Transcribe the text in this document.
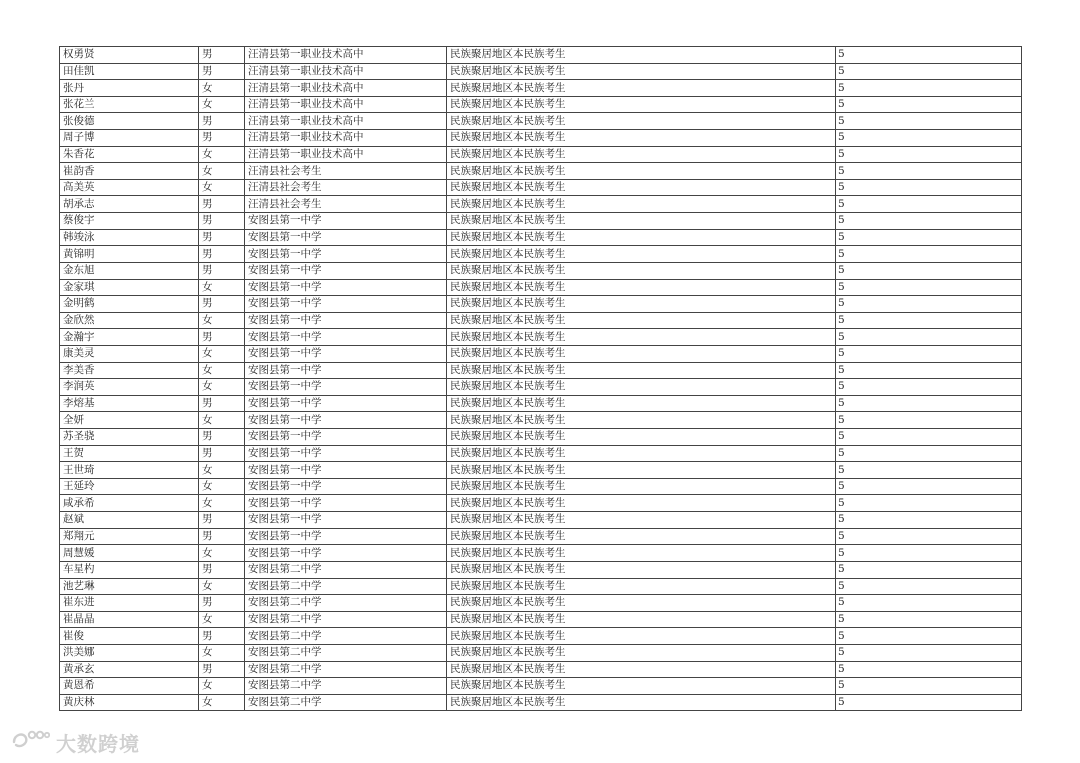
权勇贤	男	汪清县第一职业技术高中	民族聚居地区本民族考生	5
田佳凯	男	汪清县第一职业技术高中	民族聚居地区本民族考生	5
张丹	女	汪清县第一职业技术高中	民族聚居地区本民族考生	5
张花兰	女	汪清县第一职业技术高中	民族聚居地区本民族考生	5
张俊德	男	汪清县第一职业技术高中	民族聚居地区本民族考生	5
周子博	男	汪清县第一职业技术高中	民族聚居地区本民族考生	5
朱香花	女	汪清县第一职业技术高中	民族聚居地区本民族考生	5
崔韵香	女	汪清县社会考生	民族聚居地区本民族考生	5
高美英	女	汪清县社会考生	民族聚居地区本民族考生	5
胡承志	男	汪清县社会考生	民族聚居地区本民族考生	5
蔡俊宇	男	安图县第一中学	民族聚居地区本民族考生	5
韩竣泳	男	安图县第一中学	民族聚居地区本民族考生	5
黄锦明	男	安图县第一中学	民族聚居地区本民族考生	5
金东旭	男	安图县第一中学	民族聚居地区本民族考生	5
金家琪	女	安图县第一中学	民族聚居地区本民族考生	5
金明鹤	男	安图县第一中学	民族聚居地区本民族考生	5
金欣然	女	安图县第一中学	民族聚居地区本民族考生	5
金瀚宇	男	安图县第一中学	民族聚居地区本民族考生	5
康美灵	女	安图县第一中学	民族聚居地区本民族考生	5
李美香	女	安图县第一中学	民族聚居地区本民族考生	5
李润英	女	安图县第一中学	民族聚居地区本民族考生	5
李熔基	男	安图县第一中学	民族聚居地区本民族考生	5
全妍	女	安图县第一中学	民族聚居地区本民族考生	5
苏圣骁	男	安图县第一中学	民族聚居地区本民族考生	5
王贺	男	安图县第一中学	民族聚居地区本民族考生	5
王世琦	女	安图县第一中学	民族聚居地区本民族考生	5
王延玲	女	安图县第一中学	民族聚居地区本民族考生	5
咸承希	女	安图县第一中学	民族聚居地区本民族考生	5
赵斌	男	安图县第一中学	民族聚居地区本民族考生	5
郑翔元	男	安图县第一中学	民族聚居地区本民族考生	5
周慧媛	女	安图县第一中学	民族聚居地区本民族考生	5
车星杓	男	安图县第二中学	民族聚居地区本民族考生	5
池艺琳	女	安图县第二中学	民族聚居地区本民族考生	5
崔东进	男	安图县第二中学	民族聚居地区本民族考生	5
崔晶晶	女	安图县第二中学	民族聚居地区本民族考生	5
崔俊	男	安图县第二中学	民族聚居地区本民族考生	5
洪美娜	女	安图县第二中学	民族聚居地区本民族考生	5
黄承玄	男	安图县第二中学	民族聚居地区本民族考生	5
黄恩希	女	安图县第二中学	民族聚居地区本民族考生	5
黄庆林	女	安图县第二中学	民族聚居地区本民族考生	5
大数跨境
